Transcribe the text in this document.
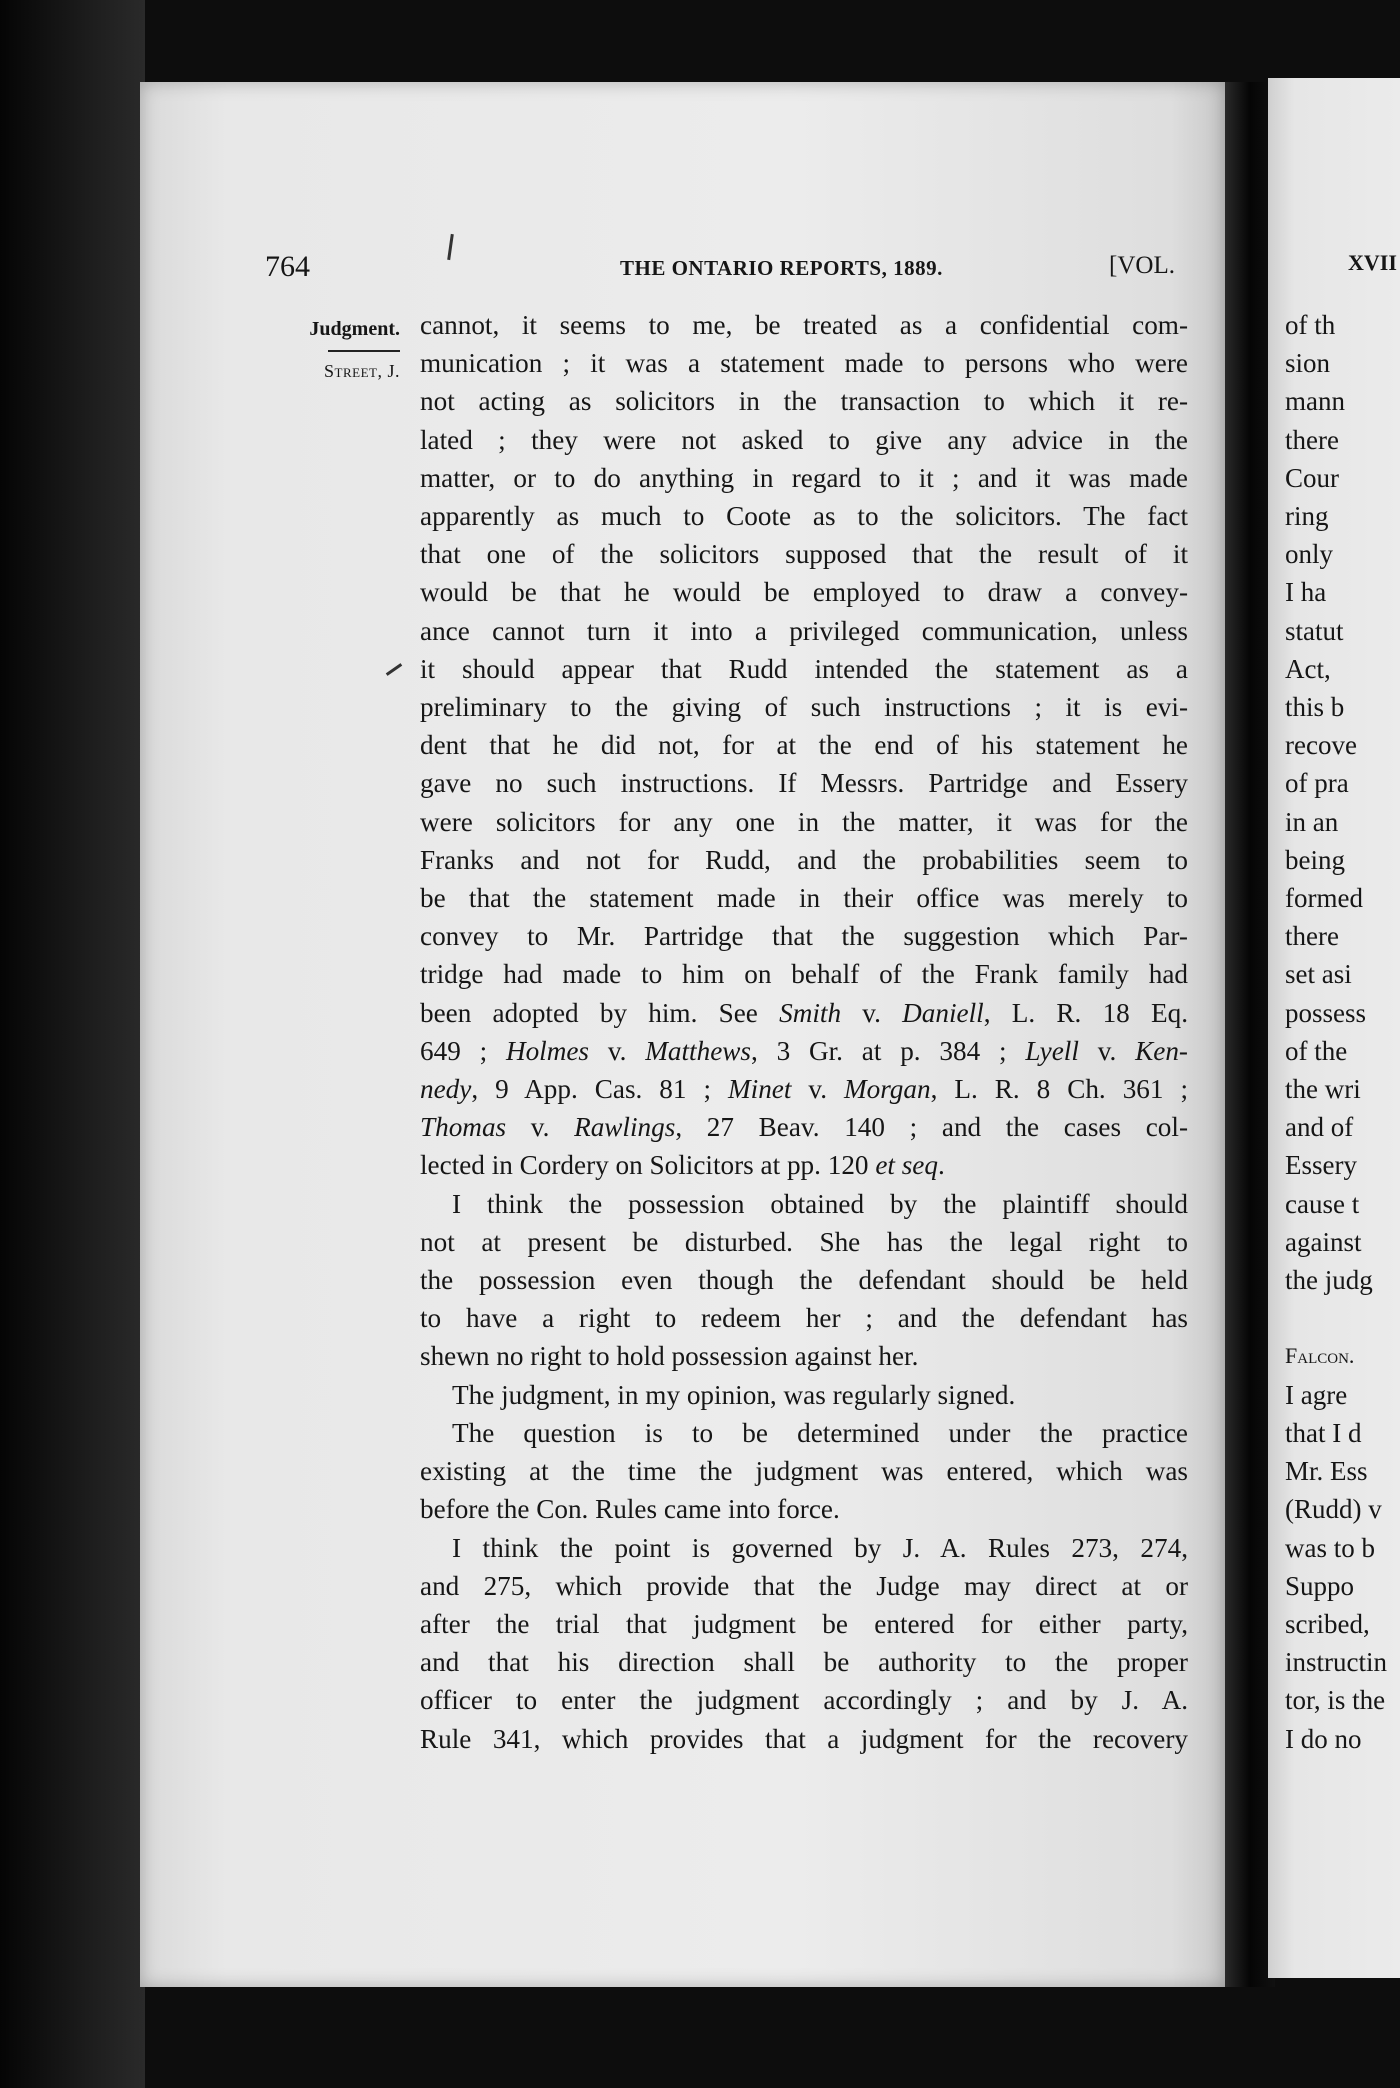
764	THE ONTARIO REPORTS, 1889.	[VOL.
Judgment.
Street, J.
cannot, it seems to me, be treated as a confidential com-
munication ; it was a statement made to persons who were
not acting as solicitors in the transaction to which it re-
lated ; they were not asked to give any advice in the
matter, or to do anything in regard to it ; and it was made
apparently as much to Coote as to the solicitors. The fact
that one of the solicitors supposed that the result of it
would be that he would be employed to draw a convey-
ance cannot turn it into a privileged communication, unless
it should appear that Rudd intended the statement as a
preliminary to the giving of such instructions ; it is evi-
dent that he did not, for at the end of his statement he
gave no such instructions. If Messrs. Partridge and Essery
were solicitors for any one in the matter, it was for the
Franks and not for Rudd, and the probabilities seem to
be that the statement made in their office was merely to
convey to Mr. Partridge that the suggestion which Par-
tridge had made to him on behalf of the Frank family had
been adopted by him. See Smith v. Daniell, L. R. 18 Eq.
649 ; Holmes v. Matthews, 3 Gr. at p. 384 ; Lyell v. Ken-
nedy, 9 App. Cas. 81 ; Minet v. Morgan, L. R. 8 Ch. 361 ;
Thomas v. Rawlings, 27 Beav. 140 ; and the cases col-
lected in Cordery on Solicitors at pp. 120 et seq.
I think the possession obtained by the plaintiff should
not at present be disturbed. She has the legal right to
the possession even though the defendant should be held
to have a right to redeem her ; and the defendant has
shewn no right to hold possession against her.
The judgment, in my opinion, was regularly signed.
The question is to be determined under the practice
existing at the time the judgment was entered, which was
before the Con. Rules came into force.
I think the point is governed by J. A. Rules 273, 274,
and 275, which provide that the Judge may direct at or
after the trial that judgment be entered for either party,
and that his direction shall be authority to the proper
officer to enter the judgment accordingly ; and by J. A.
Rule 341, which provides that a judgment for the recovery
XVII
of th
sion
mann
there
Cour
ring
only
I ha
statut
Act,
this b
recove
of pra
in an
being
formed
there
set asi
possess
of the
the wri
and of
Essery
cause t
against
the judg

Falcon.
I agre
that I d
Mr. Ess
(Rudd) v
was to b
Suppo
scribed,
instructin
tor, is the
I do no
